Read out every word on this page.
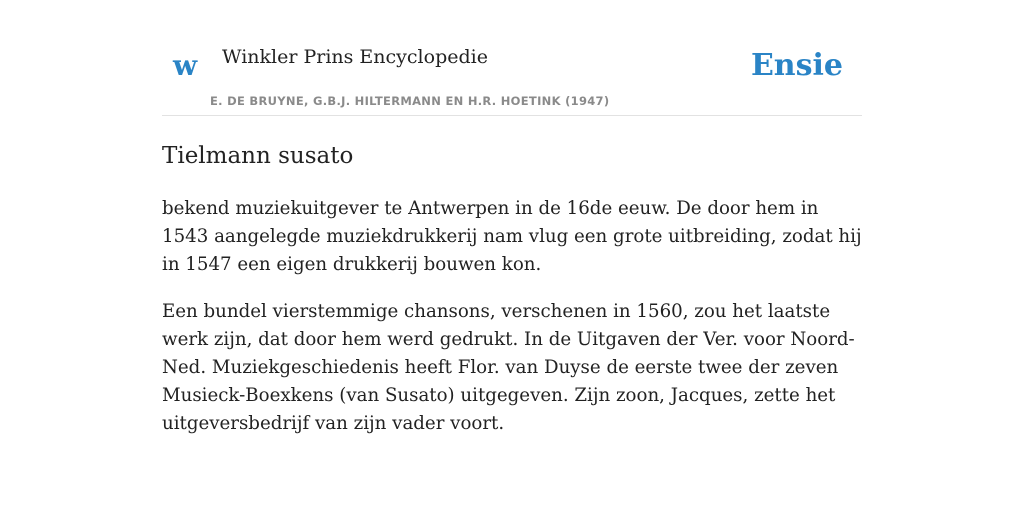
w Winkler Prins Encyclopedie
E. DE BRUYNE, G.B.J. HILTERMANN EN H.R. HOETINK (1947)
Ensie
Tielmann susato

bekend muziekuitgever te Antwerpen in de 16de eeuw. De door hem in 1543 aangelegde muziekdrukkerij nam vlug een grote uitbreiding, zodat hij in 1547 een eigen drukkerij bouwen kon.

Een bundel vierstemmige chansons, verschenen in 1560, zou het laatste werk zijn, dat door hem werd gedrukt. In de Uitgaven der Ver. voor Noord-Ned. Muziekgeschiedenis heeft Flor. van Duyse de eerste twee der zeven Musieck-Boexkens (van Susato) uitgegeven. Zijn zoon, Jacques, zette het uitgeversbedrijf van zijn vader voort.
